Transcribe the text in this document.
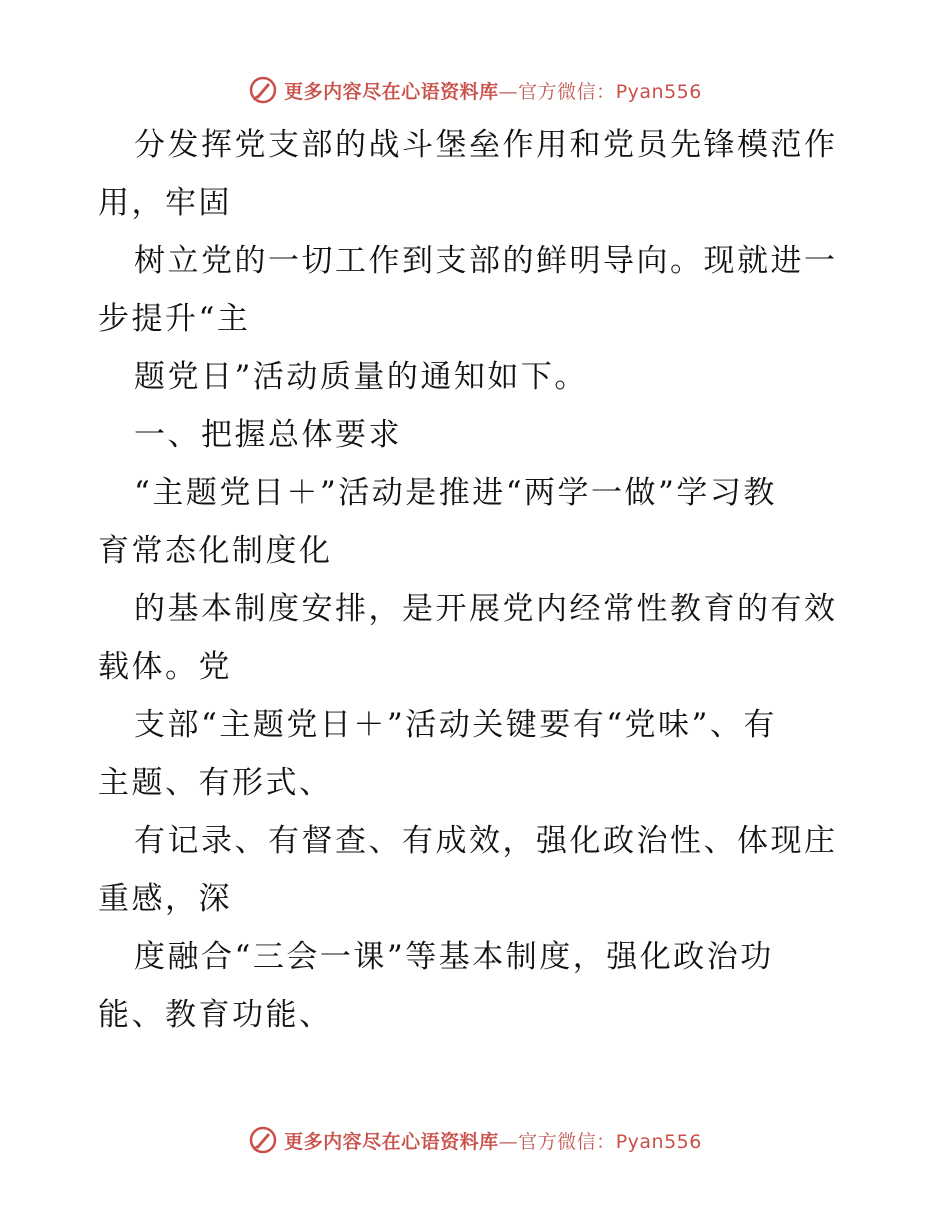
更多内容尽在心语资料库—官方微信：Pyan556
分发挥党支部的战斗堡垒作用和党员先锋模范作
用，牢固
树立党的一切工作到支部的鲜明导向。现就进一
步提升“主
题党日”活动质量的通知如下。
一、把握总体要求
“主题党日＋”活动是推进“两学一做”学习教
育常态化制度化
的基本制度安排，是开展党内经常性教育的有效
载体。党
支部“主题党日＋”活动关键要有“党味”、有
主题、有形式、
有记录、有督查、有成效，强化政治性、体现庄
重感，深
度融合“三会一课”等基本制度，强化政治功
能、教育功能、
更多内容尽在心语资料库—官方微信：Pyan556
